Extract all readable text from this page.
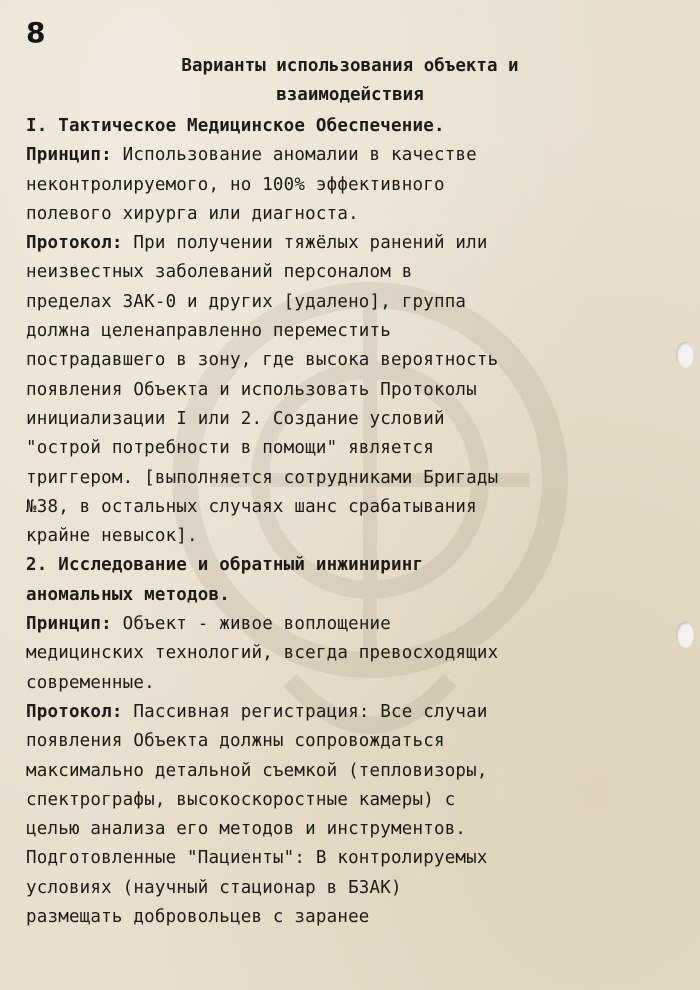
8
Варианты использования объекта и
взаимодействия
I. Тактическое Медицинское Обеспечение.
Принцип: Использование аномалии в качестве
неконтролируемого, но 100% эффективного
полевого хирурга или диагноста.
Протокол: При получении тяжёлых ранений или
неизвестных заболеваний персоналом в
пределах ЗАК-0 и других [удалено], группа
должна целенаправленно переместить
пострадавшего в зону, где высока вероятность
появления Объекта и использовать Протоколы
инициализации I или 2. Создание условий
"острой потребности в помощи" является
триггером. [выполняется сотрудниками Бригады
№38, в остальных случаях шанс срабатывания
крайне невысок].
2. Исследование и обратный инжиниринг
аномальных методов.
Принцип: Объект - живое воплощение
медицинских технологий, всегда превосходящих
современные.
Протокол: Пассивная регистрация: Все случаи
появления Объекта должны сопровождаться
максимально детальной съемкой (тепловизоры,
спектрографы, высокоскоростные камеры) с
целью анализа его методов и инструментов.
Подготовленные "Пациенты": В контролируемых
условиях (научный стационар в БЗАК)
размещать добровольцев с заранее
